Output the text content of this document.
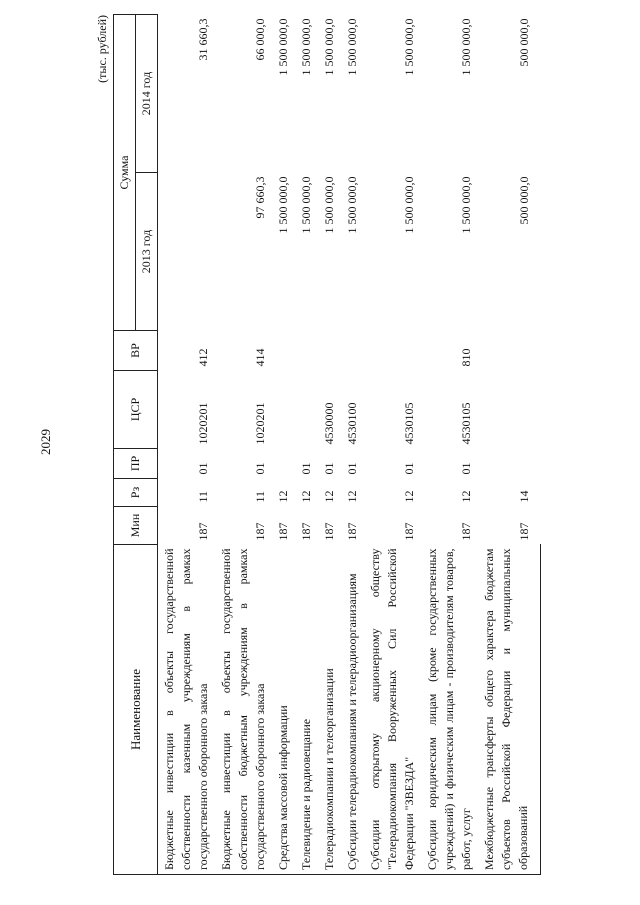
2029
(тыс. рублей)
Наименование	Мин	Рз	ПР	ЦСР	ВР	Сумма	
						2013 год	2014 год
Бюджетные инвестиции в объекты государственной собственности казенным учреждениям в рамках государственного оборонного заказа	187	11	01	1020201	412		31 660,3
Бюджетные инвестиции в объекты государственной собственности бюджетным учреждениям в рамках государственного оборонного заказа	187	11	01	1020201	414	97 660,3	66 000,0
Средства массовой информации	187	12				1 500 000,0	1 500 000,0
Телевидение и радиовещание	187	12	01			1 500 000,0	1 500 000,0
Телерадиокомпании и телеорганизации	187	12	01	4530000		1 500 000,0	1 500 000,0
Субсидии телерадиокомпаниям и телерадиоорганизациям	187	12	01	4530100		1 500 000,0	1 500 000,0
Субсидии открытому акционерному обществу "Телерадиокомпания Вооруженных Сил Российской Федерации "ЗВЕЗДА"	187	12	01	4530105		1 500 000,0	1 500 000,0
Субсидии юридическим лицам (кроме государственных учреждений) и физическим лицам - производителям товаров, работ, услуг	187	12	01	4530105	810	1 500 000,0	1 500 000,0
Межбюджетные трансферты общего характера бюджетам субъектов Российской Федерации и муниципальных образований	187	14				500 000,0	500 000,0
